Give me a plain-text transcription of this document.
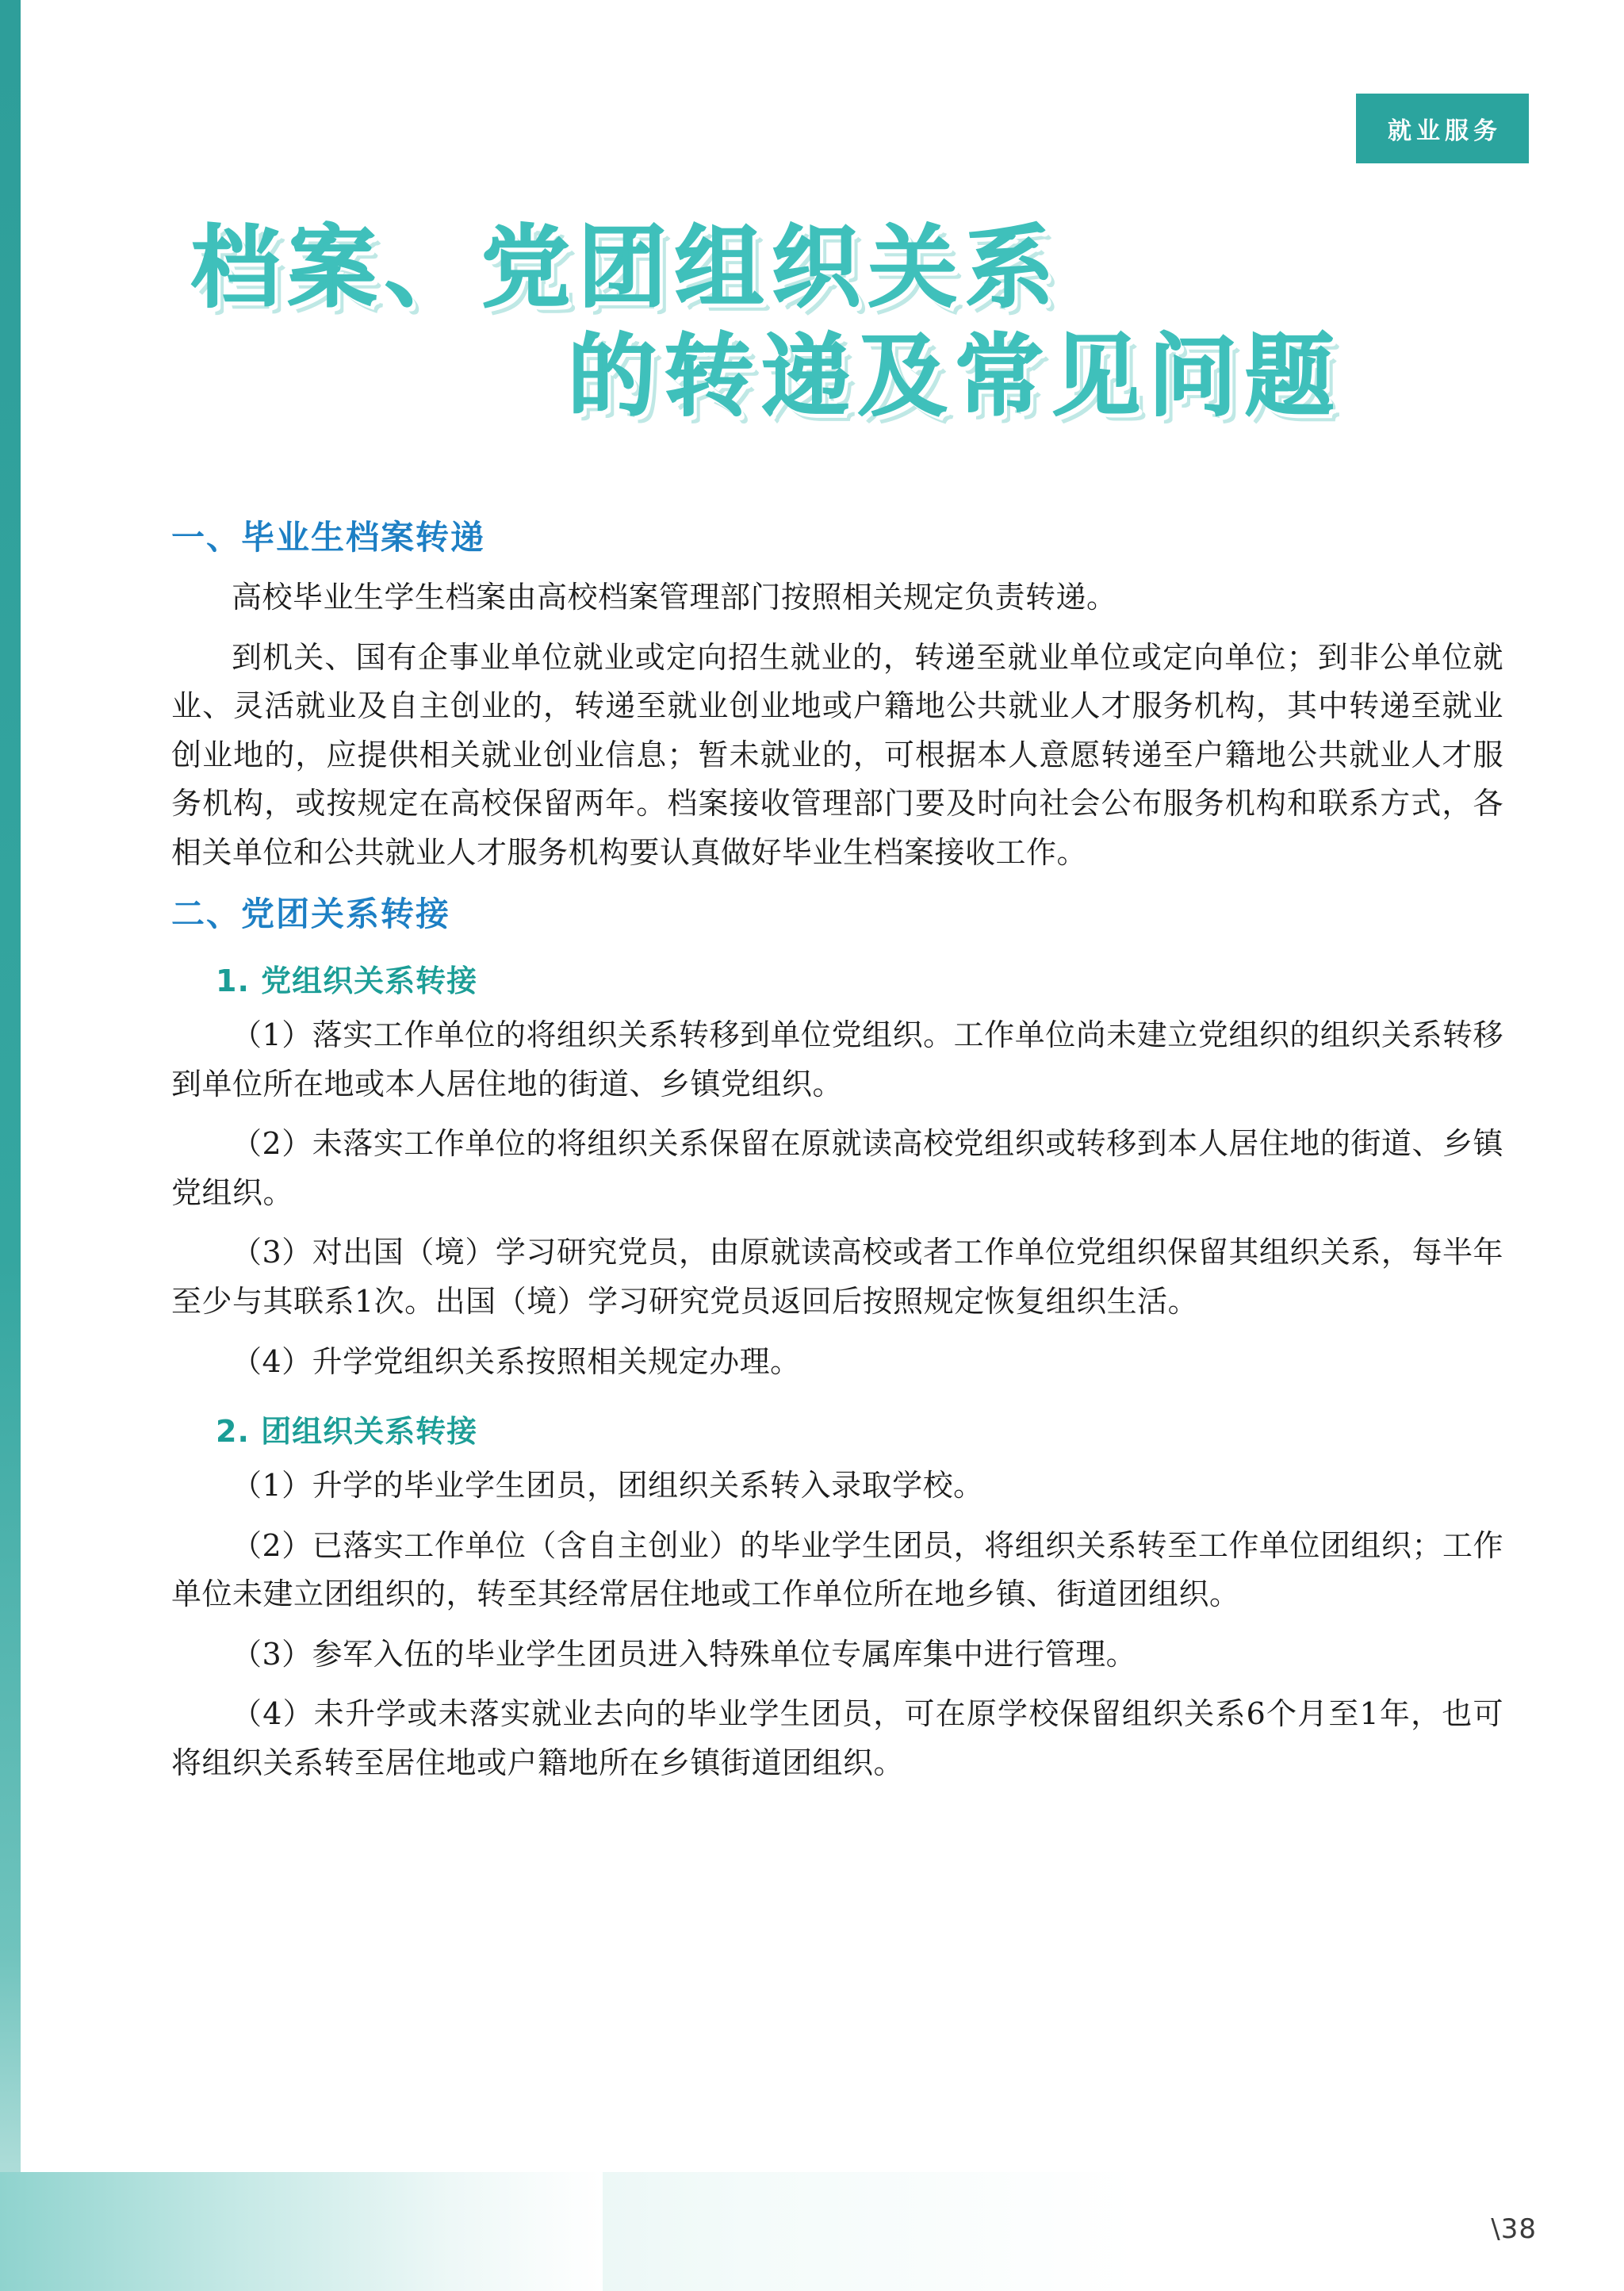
就业服务
档案、党团组织关系
的转递及常见问题
一、毕业生档案转递

高校毕业生学生档案由高校档案管理部门按照相关规定负责转递。

到机关、国有企事业单位就业或定向招生就业的，转递至就业单位或定向单位；到非公单位就业、灵活就业及自主创业的，转递至就业创业地或户籍地公共就业人才服务机构，其中转递至就业创业地的，应提供相关就业创业信息；暂未就业的，可根据本人意愿转递至户籍地公共就业人才服务机构，或按规定在高校保留两年。档案接收管理部门要及时向社会公布服务机构和联系方式，各相关单位和公共就业人才服务机构要认真做好毕业生档案接收工作。

二、党团关系转接
1. 党组织关系转接

（1）落实工作单位的将组织关系转移到单位党组织。工作单位尚未建立党组织的组织关系转移到单位所在地或本人居住地的街道、乡镇党组织。

（2）未落实工作单位的将组织关系保留在原就读高校党组织或转移到本人居住地的街道、乡镇党组织。

（3）对出国（境）学习研究党员，由原就读高校或者工作单位党组织保留其组织关系，每半年至少与其联系1次。出国（境）学习研究党员返回后按照规定恢复组织生活。

（4）升学党组织关系按照相关规定办理。

2. 团组织关系转接

（1）升学的毕业学生团员，团组织关系转入录取学校。

（2）已落实工作单位（含自主创业）的毕业学生团员，将组织关系转至工作单位团组织；工作单位未建立团组织的，转至其经常居住地或工作单位所在地乡镇、街道团组织。

（3）参军入伍的毕业学生团员进入特殊单位专属库集中进行管理。

（4）未升学或未落实就业去向的毕业学生团员，可在原学校保留组织关系6个月至1年，也可将组织关系转至居住地或户籍地所在乡镇街道团组织。

\38
